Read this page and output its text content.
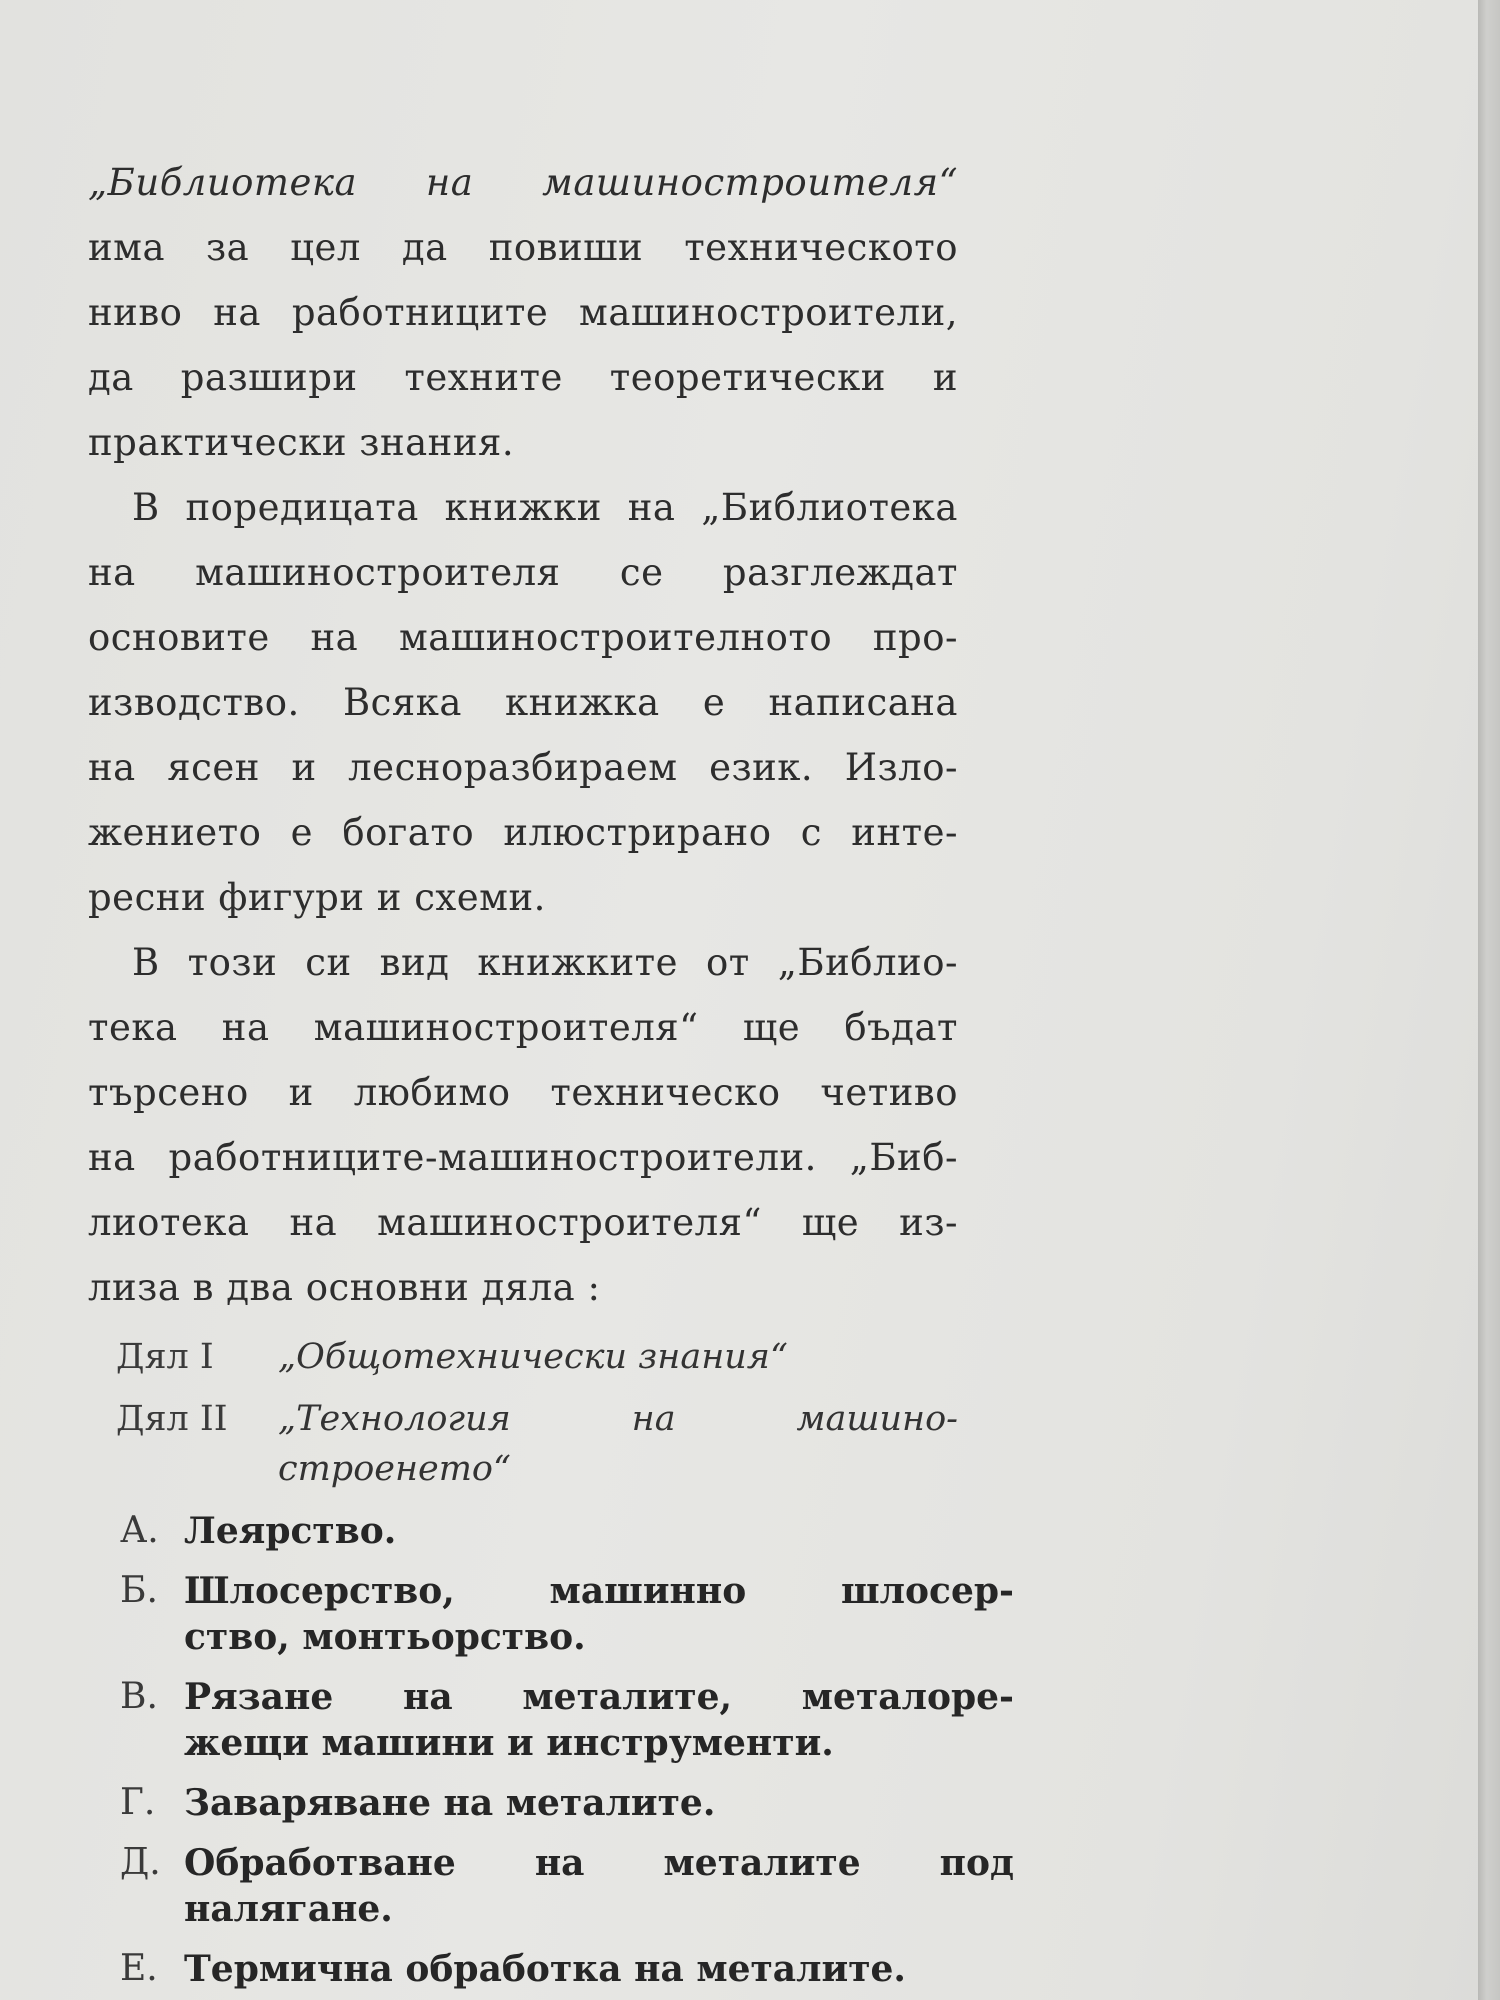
„Библиотека на машиностроителя“
има за цел да повиши техническото
ниво на работниците машиностроители,
да разшири техните теоретически и
практически знания.
В поредицата книжки на „Библиотека
на машиностроителя се разглеждат
основите на машиностроителното про-
изводство. Всяка книжка е написана
на ясен и лесноразбираем език. Изло-
жението е богато илюстрирано с инте-
ресни фигури и схеми.
В този си вид книжките от „Библио-
тека на машиностроителя“ ще бъдат
търсено и любимо техническо четиво
на работниците-машиностроители. „Биб-
лиотека на машиностроителя“ ще из-
лиза в два основни дяла :
Дял I	„Общотехнически знания“
Дял II	„Технология на машино-
строенето“
А. Леярство.
Б. Шлосерство, машинно шлосер-
ство, монтьорство.
В. Рязане на металите, металоре-
жещи машини и инструменти.
Г. Заваряване на металите.
Д. Обработване на металите под
налягане.
Е. Термична обработка на металите.
